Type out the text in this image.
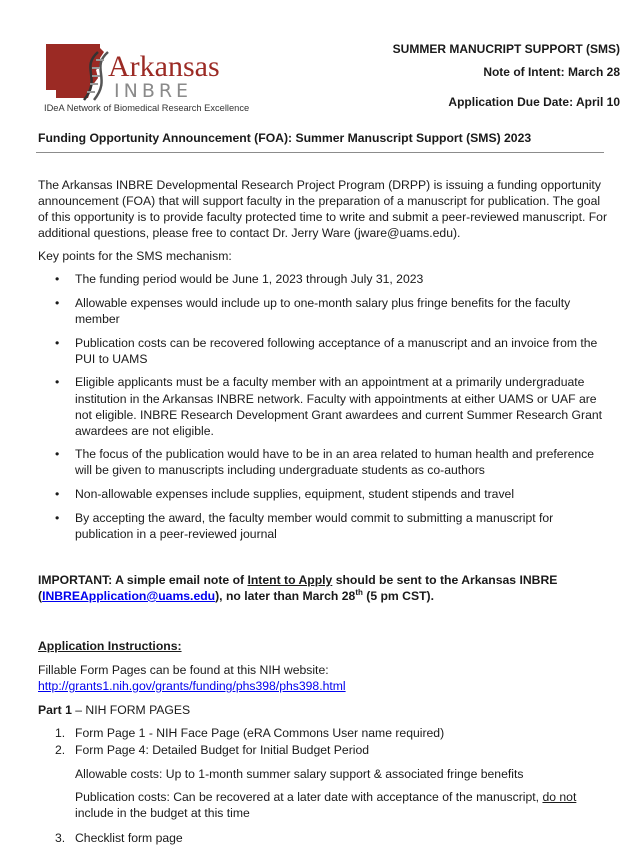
Arkansas
INBRE
IDeA Network of Biomedical Research Excellence
SUMMER MANUCRIPT SUPPORT (SMS)
Note of Intent: March 28
Application Due Date: April 10
Funding Opportunity Announcement (FOA): Summer Manuscript Support (SMS) 2023

The Arkansas INBRE Developmental Research Project Program (DRPP) is issuing a funding opportunity announcement (FOA) that will support faculty in the preparation of a manuscript for publication. The goal of this opportunity is to provide faculty protected time to write and submit a peer-reviewed manuscript. For additional questions, please free to contact Dr. Jerry Ware (jware@uams.edu).

Key points for the SMS mechanism:

• The funding period would be June 1, 2023 through July 31, 2023
• Allowable expenses would include up to one-month salary plus fringe benefits for the faculty member
• Publication costs can be recovered following acceptance of a manuscript and an invoice from the PUI to UAMS
• Eligible applicants must be a faculty member with an appointment at a primarily undergraduate institution in the Arkansas INBRE network. Faculty with appointments at either UAMS or UAF are not eligible. INBRE Research Development Grant awardees and current Summer Research Grant awardees are not eligible.
• The focus of the publication would have to be in an area related to human health and preference will be given to manuscripts including undergraduate students as co-authors
• Non-allowable expenses include supplies, equipment, student stipends and travel
• By accepting the award, the faculty member would commit to submitting a manuscript for publication in a peer-reviewed journal

IMPORTANT: A simple email note of Intent to Apply should be sent to the Arkansas INBRE (INBREApplication@uams.edu), no later than March 28th (5 pm CST).

Application Instructions:

Fillable Form Pages can be found at this NIH website:
http://grants1.nih.gov/grants/funding/phs398/phs398.html

Part 1 – NIH FORM PAGES

1. Form Page 1 - NIH Face Page (eRA Commons User name required)
2. Form Page 4: Detailed Budget for Initial Budget Period

Allowable costs: Up to 1-month summer salary support & associated fringe benefits

Publication costs: Can be recovered at a later date with acceptance of the manuscript, do not include in the budget at this time

3. Checklist form page
